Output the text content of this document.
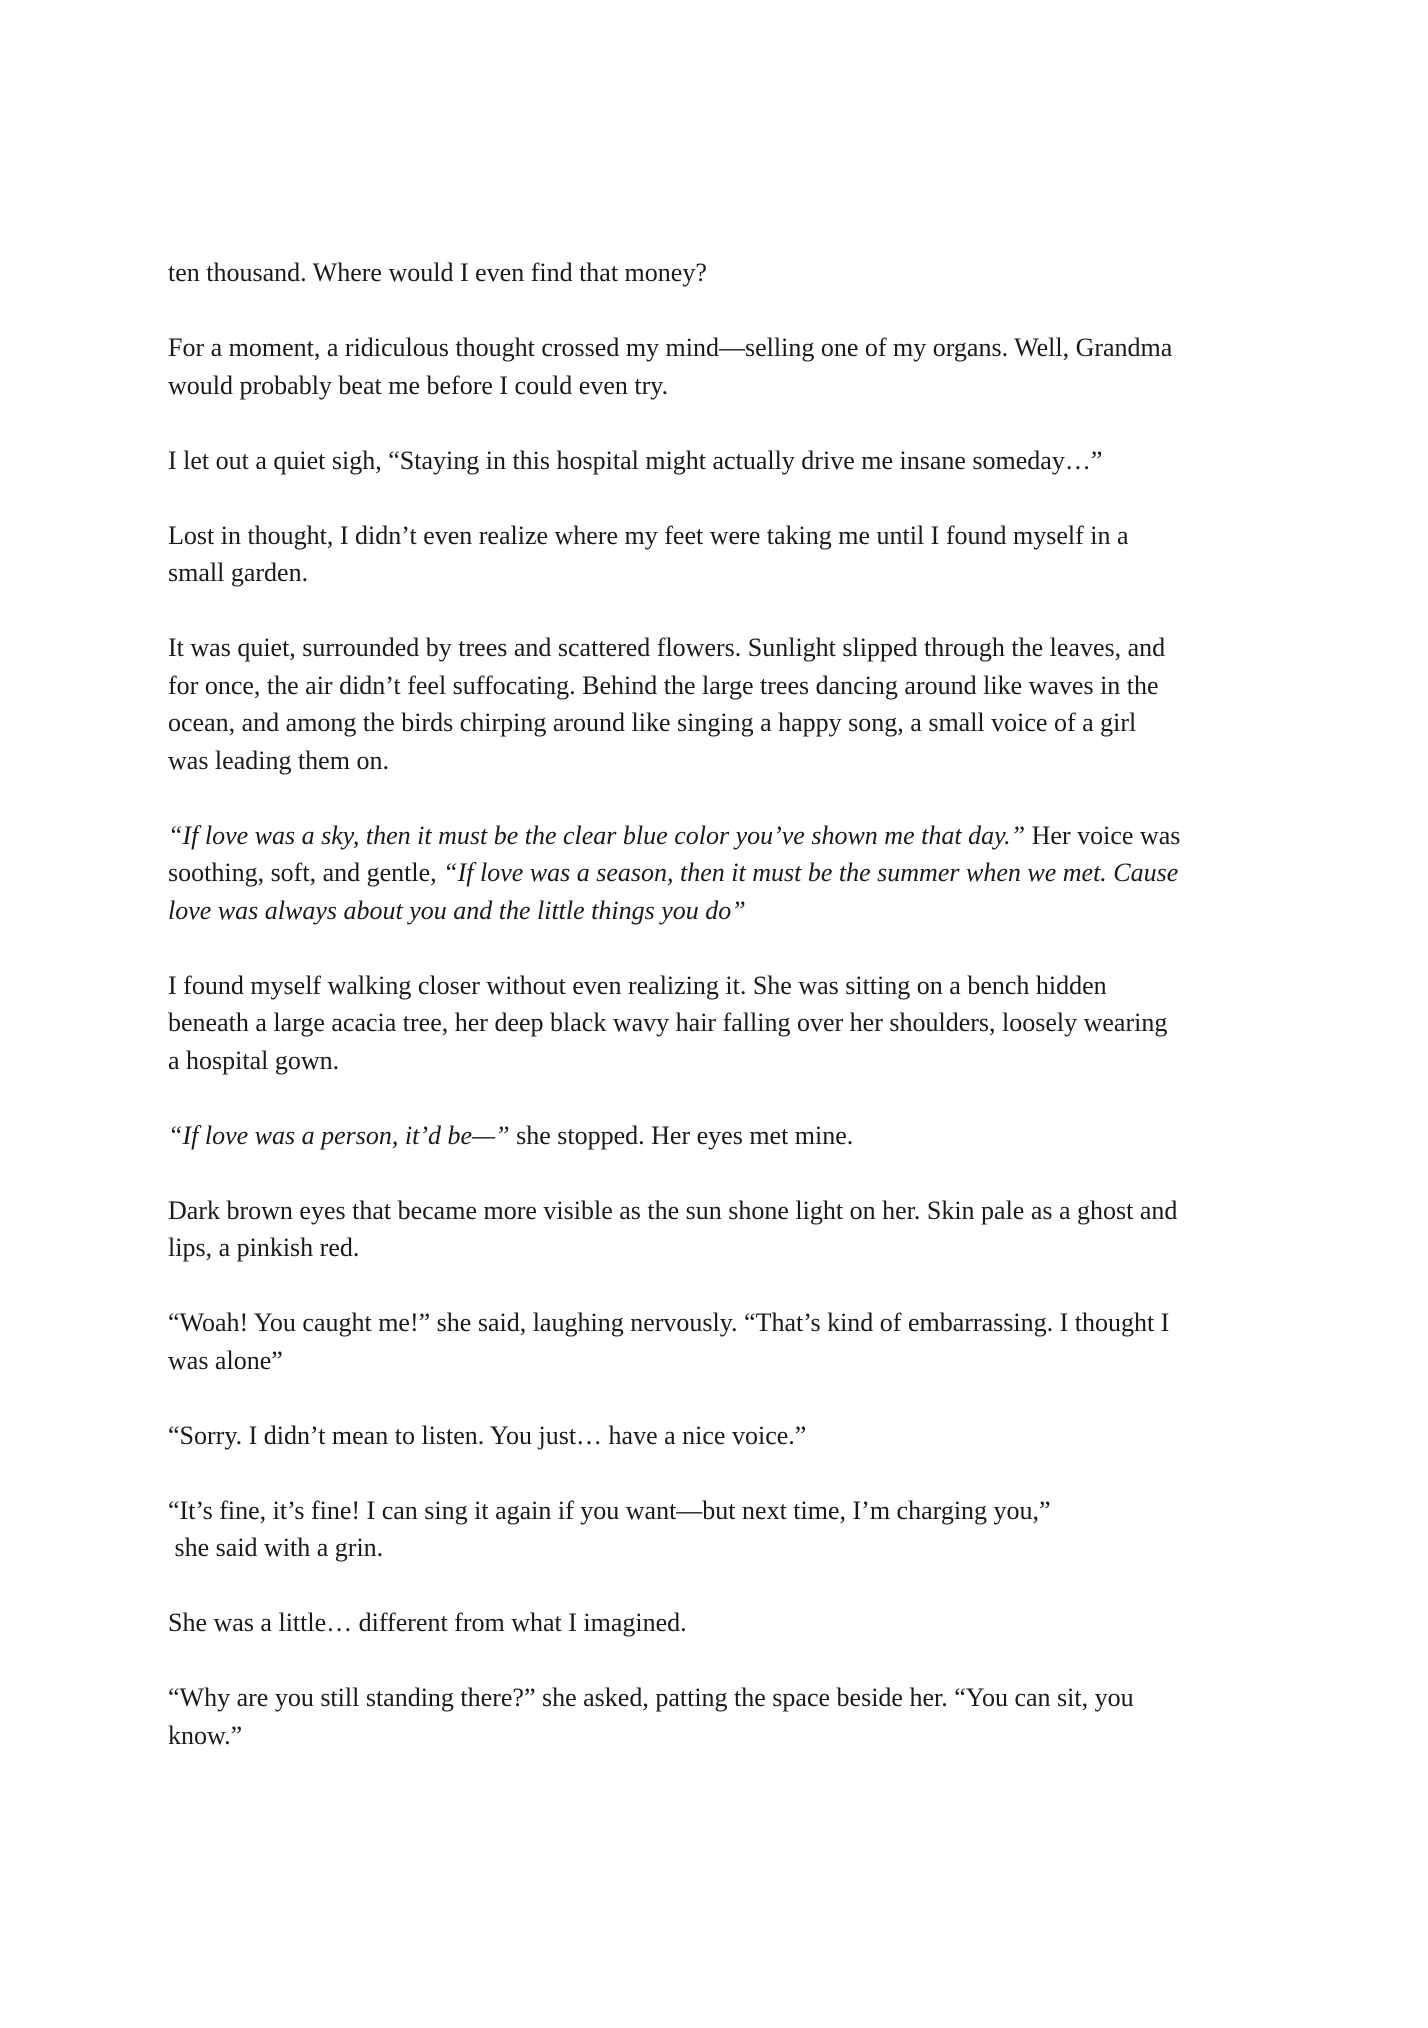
ten thousand. Where would I even find that money?

For a moment, a ridiculous thought crossed my mind—selling one of my organs. Well, Grandma
would probably beat me before I could even try.

I let out a quiet sigh, “Staying in this hospital might actually drive me insane someday…”

Lost in thought, I didn’t even realize where my feet were taking me until I found myself in a
small garden.

It was quiet, surrounded by trees and scattered flowers. Sunlight slipped through the leaves, and
for once, the air didn’t feel suffocating. Behind the large trees dancing around like waves in the
ocean, and among the birds chirping around like singing a happy song, a small voice of a girl
was leading them on.

“If love was a sky, then it must be the clear blue color you’ve shown me that day.” Her voice was
soothing, soft, and gentle, “If love was a season, then it must be the summer when we met. Cause
love was always about you and the little things you do”

I found myself walking closer without even realizing it. She was sitting on a bench hidden
beneath a large acacia tree, her deep black wavy hair falling over her shoulders, loosely wearing
a hospital gown.

“If love was a person, it’d be—” she stopped. Her eyes met mine.

Dark brown eyes that became more visible as the sun shone light on her. Skin pale as a ghost and
lips, a pinkish red.

“Woah! You caught me!” she said, laughing nervously. “That’s kind of embarrassing. I thought I
was alone”

“Sorry. I didn’t mean to listen. You just… have a nice voice.”

“It’s fine, it’s fine! I can sing it again if you want—but next time, I’m charging you,”
she said with a grin.

She was a little… different from what I imagined.

“Why are you still standing there?” she asked, patting the space beside her. “You can sit, you
know.”
